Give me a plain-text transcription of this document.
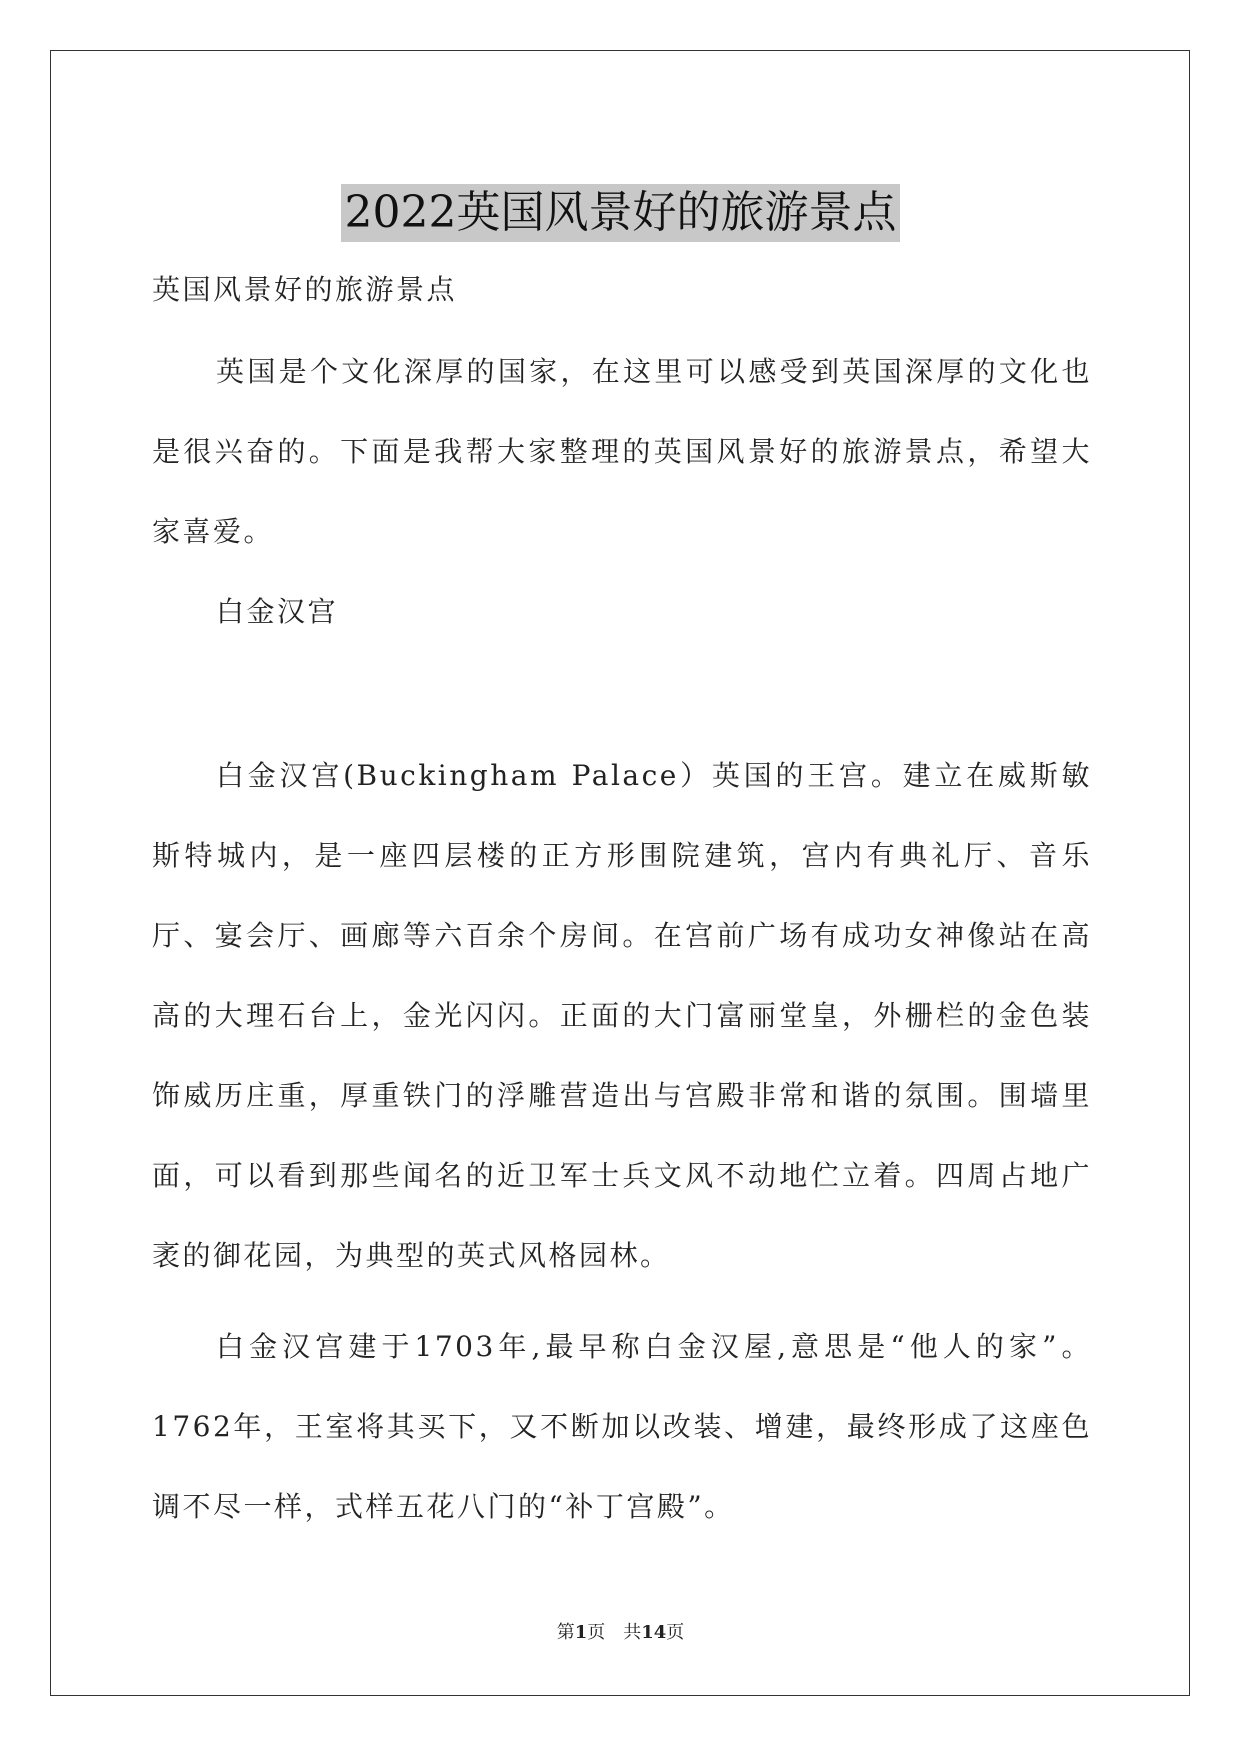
2022英国风景好的旅游景点

英国风景好的旅游景点

英国是个文化深厚的国家，在这里可以感受到英国深厚的文化也是很兴奋的。下面是我帮大家整理的英国风景好的旅游景点，希望大家喜爱。

白金汉宫

白金汉宫(Buckingham Palace）英国的王宫。建立在威斯敏斯特城内，是一座四层楼的正方形围院建筑，宫内有典礼厅、音乐厅、宴会厅、画廊等六百余个房间。在宫前广场有成功女神像站在高高的大理石台上，金光闪闪。正面的大门富丽堂皇，外栅栏的金色装饰威历庄重，厚重铁门的浮雕营造出与宫殿非常和谐的氛围。围墙里面，可以看到那些闻名的近卫军士兵文风不动地伫立着。四周占地广袤的御花园，为典型的英式风格园林。

白金汉宫建于1703年,最早称白金汉屋,意思是“他人的家”。1762年，王室将其买下，又不断加以改装、增建，最终形成了这座色调不尽一样，式样五花八门的“补丁宫殿”。

第1页　共14页
